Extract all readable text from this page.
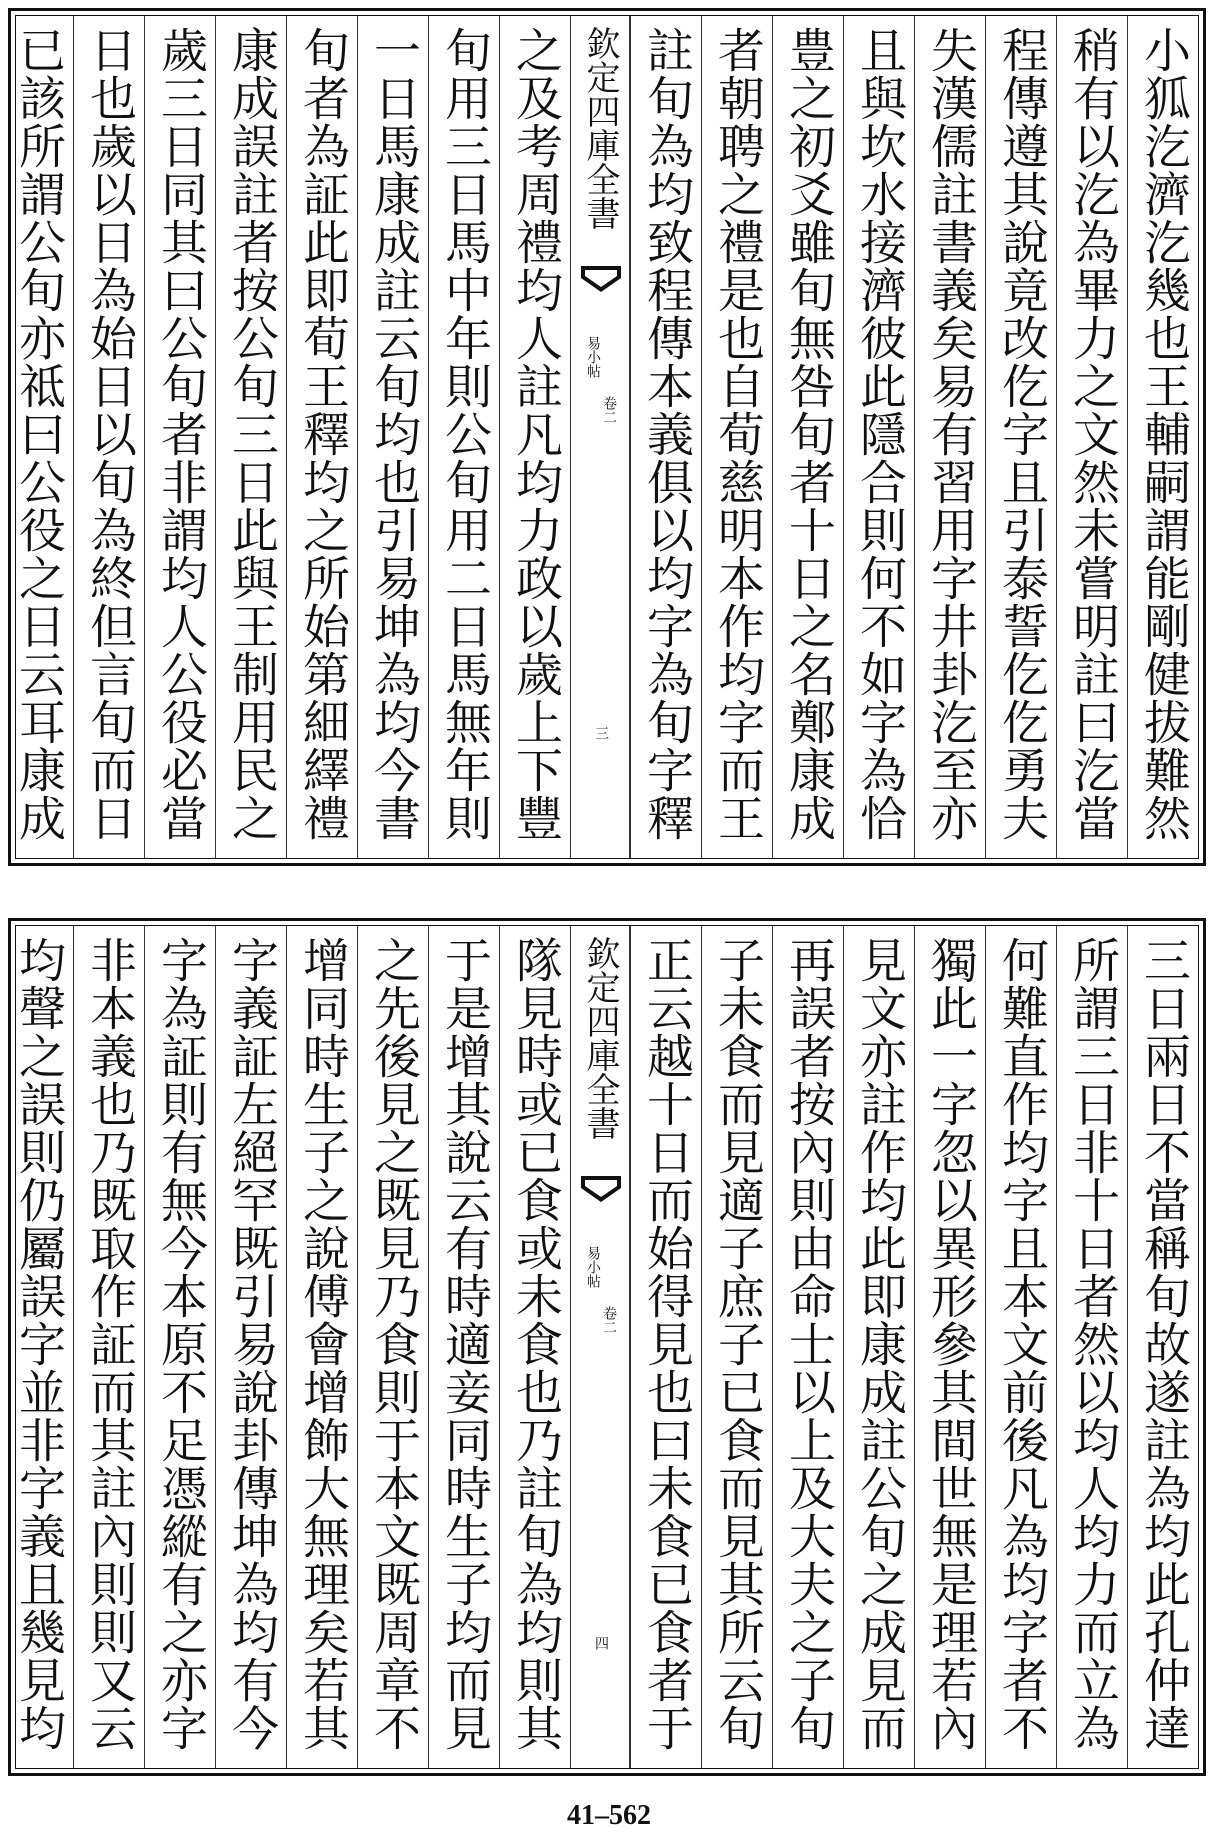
小狐汔濟汔幾也王輔嗣謂能剛健拔難然
稍有以汔為畢力之文然未嘗明註曰汔當
程傳遵其說竟改仡字且引泰誓仡仡勇夫
失漢儒註書義矣易有習用字井卦汔至亦
且與坎水接濟彼此隱合則何不如字為恰
豊之初爻雖旬無咎旬者十日之名鄭康成
者朝聘之禮是也自荀慈明本作均字而王
註旬為均致程傳本義俱以均字為旬字釋
欽定四庫全書
易小帖
卷二
三
之及考周禮均人註凡均力政以歲上下豐
旬用三日馬中年則公旬用二日馬無年則
一日馬康成註云旬均也引易坤為均今書
旬者為証此即荀王釋均之所始第細繹禮
康成誤註者按公旬三日此與王制用民之
歲三日同其曰公旬者非謂均人公役必當
日也歲以日為始日以旬為終但言旬而日
已該所謂公旬亦祗曰公役之日云耳康成
三日兩日不當稱旬故遂註為均此孔仲達
所謂三日非十日者然以均人均力而立為
何難直作均字且本文前後凡為均字者不
獨此一字忽以異形參其間世無是理若內
見文亦註作均此即康成註公旬之成見而
再誤者按內則由命士以上及大夫之子旬
子未食而見適子庶子已食而見其所云旬
正云越十日而始得見也曰未食已食者于
欽定四庫全書
易小帖
卷二
四
隊見時或已食或未食也乃註旬為均則其
于是增其說云有時適妾同時生子均而見
之先後見之既見乃食則于本文既周章不
增同時生子之說傅會增飾大無理矣若其
字義証左絕罕既引易說卦傳坤為均有今
字為証則有無今本原不足憑縱有之亦字
非本義也乃既取作証而其註內則則又云
均聲之誤則仍屬誤字並非字義且幾見均
41–562
